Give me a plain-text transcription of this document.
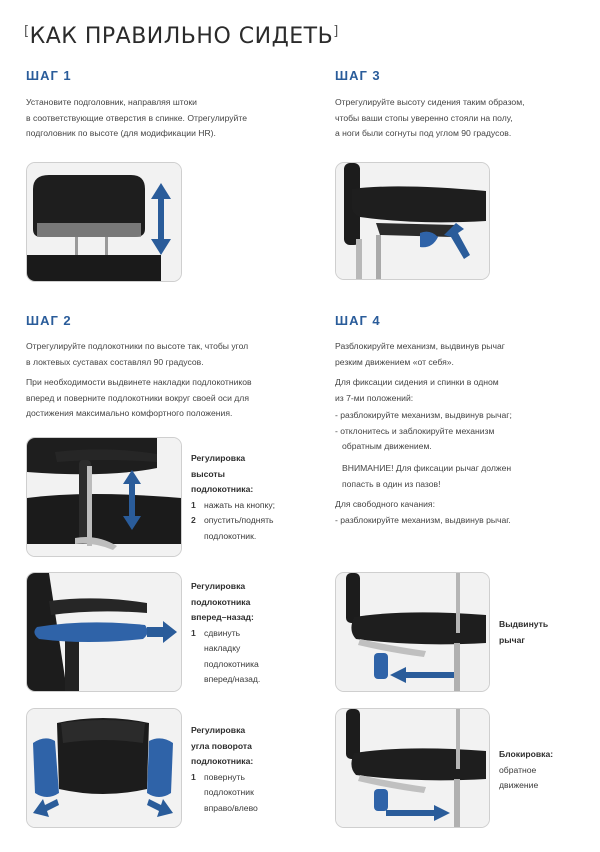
[КАК ПРАВИЛЬНО СИДЕТЬ]
ШАГ 1
Установите подголовник, направляя штоки
в соответствующие отверстия в спинке. Отрегулируйте
подголовник по высоте (для модификации HR).
ШАГ 3
Отрегулируйте высоту сидения таким образом,
чтобы ваши стопы уверенно стояли на полу,
а ноги были согнуты под углом 90 градусов.
ШАГ 2
Отрегулируйте подлокотники по высоте так, чтобы угол
в локтевых суставах составлял 90 градусов.
При необходимости выдвинете накладки подлокотников
вперед и поверните подлокотники вокруг своей оси для
достижения максимально комфортного положения.
Регулировка
высоты
подлокотника:
1 нажать на кнопку;
2 опустить/поднять
подлокотник.
Регулировка
подлокотника
вперед–назад:
1 сдвинуть
накладку
подлокотника
вперед/назад.
Регулировка
угла поворота
подлокотника:
1 повернуть
подлокотник
вправо/влево
ШАГ 4
Разблокируйте механизм, выдвинув рычаг
резким движением «от себя».
Для фиксации сидения и спинки в одном
из 7-ми положений:
- разблокируйте механизм, выдвинув рычаг;
- отклонитесь и заблокируйте механизм
обратным движением.
ВНИМАНИЕ! Для фиксации рычаг должен
попасть в один из пазов!
Для свободного качания:
- разблокируйте механизм, выдвинув рычаг.
Выдвинуть
рычаг
Блокировка:
обратное
движение
